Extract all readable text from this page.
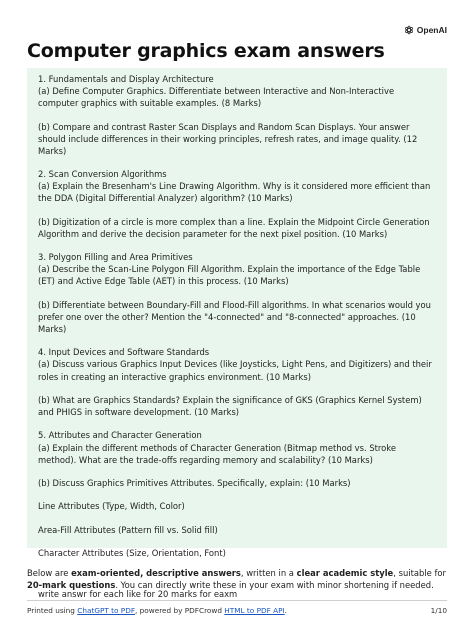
OpenAI
Computer graphics exam answers

1. Fundamentals and Display Architecture
(a) Define Computer Graphics. Differentiate between Interactive and Non-Interactive computer graphics with suitable examples. (8 Marks)

(b) Compare and contrast Raster Scan Displays and Random Scan Displays. Your answer should include differences in their working principles, refresh rates, and image quality. (12 Marks)

2. Scan Conversion Algorithms
(a) Explain the Bresenham's Line Drawing Algorithm. Why is it considered more efficient than the DDA (Digital Differential Analyzer) algorithm? (10 Marks)

(b) Digitization of a circle is more complex than a line. Explain the Midpoint Circle Generation Algorithm and derive the decision parameter for the next pixel position. (10 Marks)

3. Polygon Filling and Area Primitives
(a) Describe the Scan-Line Polygon Fill Algorithm. Explain the importance of the Edge Table (ET) and Active Edge Table (AET) in this process. (10 Marks)

(b) Differentiate between Boundary-Fill and Flood-Fill algorithms. In what scenarios would you prefer one over the other? Mention the "4-connected" and "8-connected" approaches. (10 Marks)

4. Input Devices and Software Standards
(a) Discuss various Graphics Input Devices (like Joysticks, Light Pens, and Digitizers) and their roles in creating an interactive graphics environment. (10 Marks)

(b) What are Graphics Standards? Explain the significance of GKS (Graphics Kernel System) and PHIGS in software development. (10 Marks)

5. Attributes and Character Generation
(a) Explain the different methods of Character Generation (Bitmap method vs. Stroke method). What are the trade-offs regarding memory and scalability? (10 Marks)

(b) Discuss Graphics Primitives Attributes. Specifically, explain: (10 Marks)

Line Attributes (Type, Width, Color)

Area-Fill Attributes (Pattern fill vs. Solid fill)

Character Attributes (Size, Orientation, Font)

write answr for each like for 20 marks for eaxm

Below are exam-oriented, descriptive answers, written in a clear academic style, suitable for 20-mark questions. You can directly write these in your exam with minor shortening if needed.

Printed using ChatGPT to PDF, powered by PDFCrowd HTML to PDF API.	1/10
